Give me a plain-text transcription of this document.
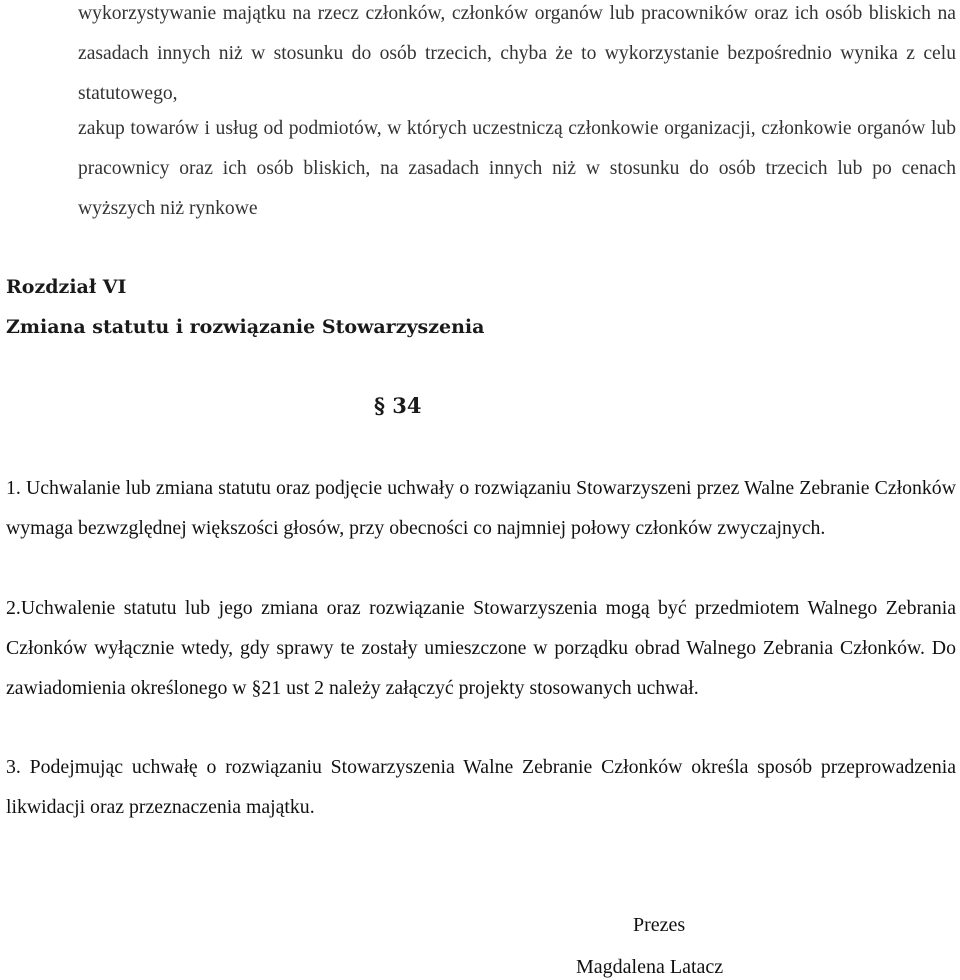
wykorzystywanie majątku na rzecz członków, członków organów lub pracowników oraz ich osób bliskich na zasadach innych niż w stosunku do osób trzecich, chyba że to wykorzystanie bezpośrednio wynika z celu statutowego,
zakup towarów i usług od podmiotów, w których uczestniczą członkowie organizacji, członkowie organów lub pracownicy oraz ich osób bliskich, na zasadach innych niż w stosunku do osób trzecich lub po cenach wyższych niż rynkowe
Rozdział VI
Zmiana statutu i rozwiązanie Stowarzyszenia
§ 34
1. Uchwalanie lub zmiana statutu oraz podjęcie uchwały o rozwiązaniu Stowarzyszeni przez Walne Zebranie Członków wymaga bezwzględnej większości głosów, przy obecności co najmniej połowy członków zwyczajnych.
2.Uchwalenie statutu lub jego zmiana oraz rozwiązanie Stowarzyszenia mogą być przedmiotem Walnego Zebrania Członków wyłącznie wtedy, gdy sprawy te zostały umieszczone w porządku obrad Walnego Zebrania Członków. Do zawiadomienia określonego w §21 ust 2 należy załączyć projekty stosowanych uchwał.
3. Podejmując uchwałę o rozwiązaniu Stowarzyszenia Walne Zebranie Członków określa sposób przeprowadzenia likwidacji oraz przeznaczenia majątku.
Prezes
Magdalena Latacz
